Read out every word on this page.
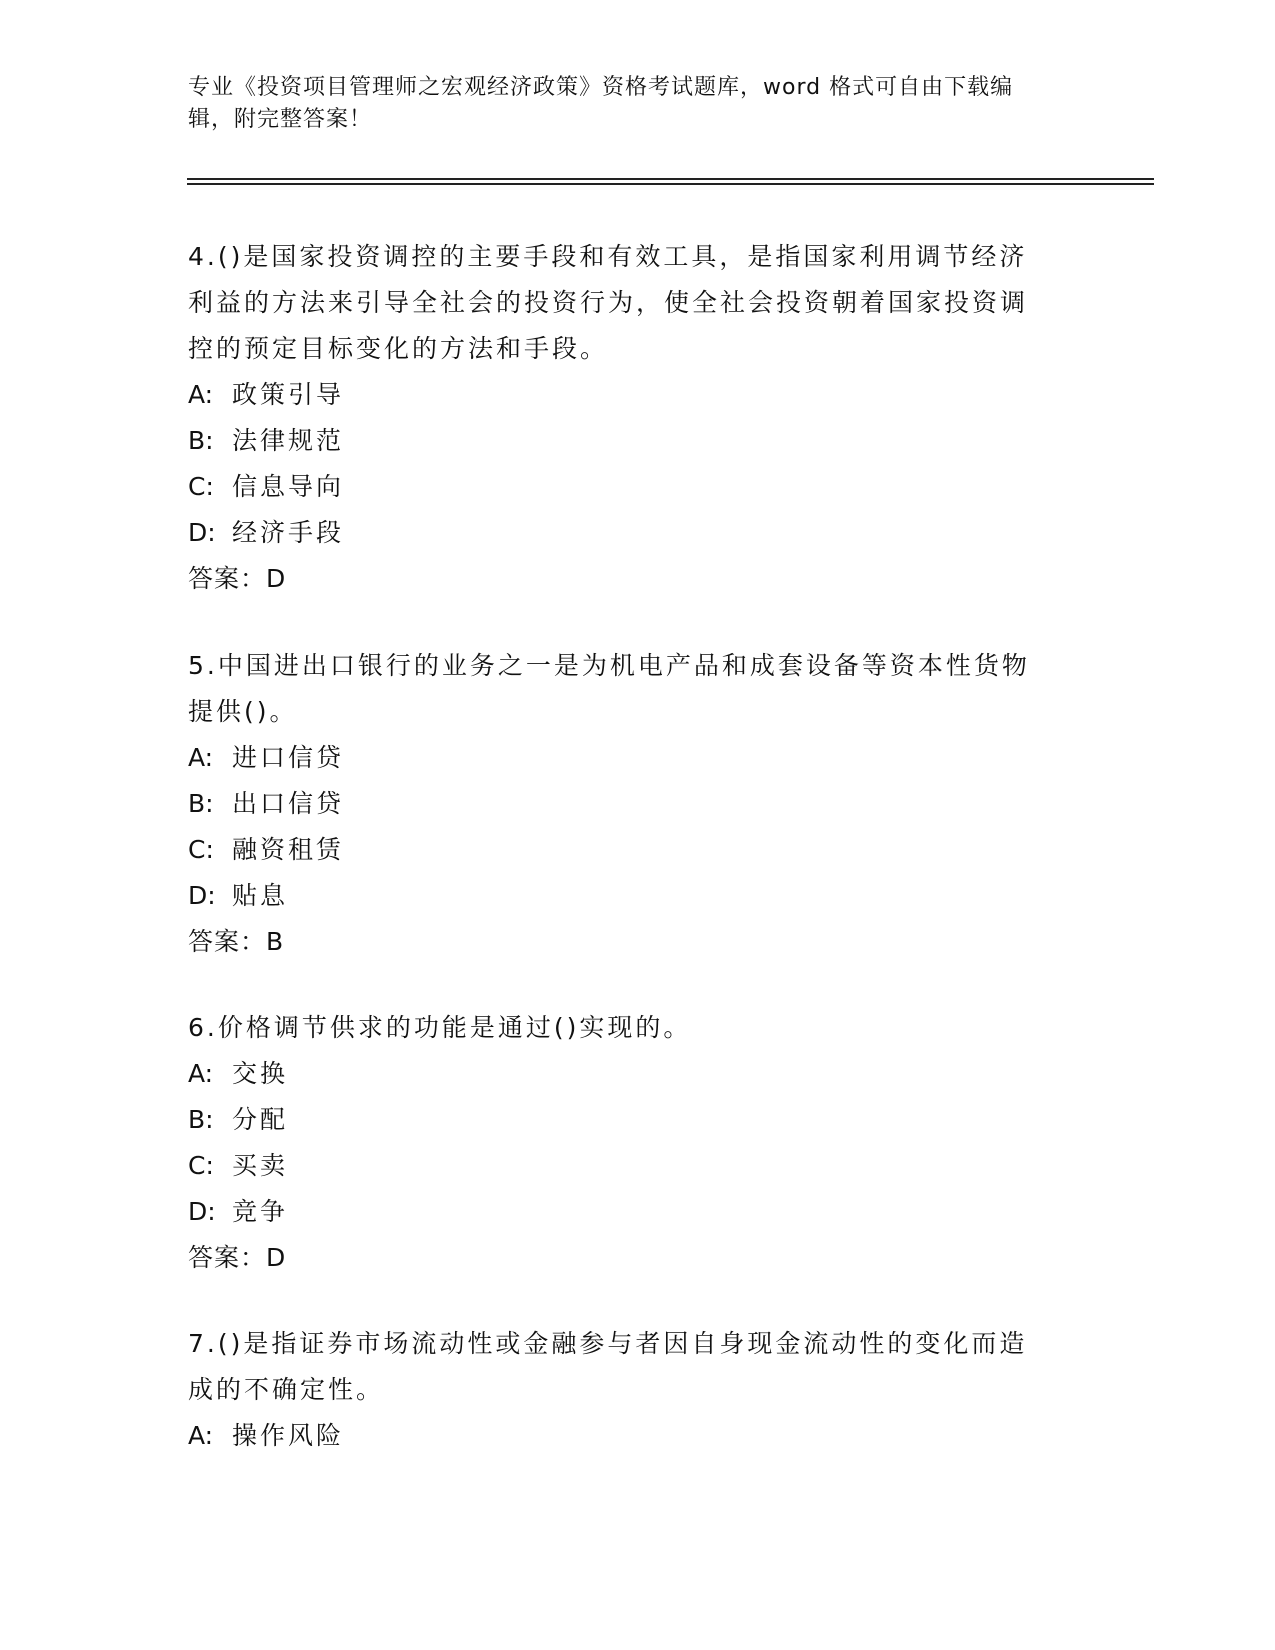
专业《投资项目管理师之宏观经济政策》资格考试题库，word 格式可自由下载编
辑，附完整答案！
4.()是国家投资调控的主要手段和有效工具，是指国家利用调节经济
利益的方法来引导全社会的投资行为，使全社会投资朝着国家投资调
控的预定目标变化的方法和手段。
A: 政策引导
B: 法律规范
C: 信息导向
D: 经济手段
答案：D
5.中国进出口银行的业务之一是为机电产品和成套设备等资本性货物
提供()。
A: 进口信贷
B: 出口信贷
C: 融资租赁
D: 贴息
答案：B
6.价格调节供求的功能是通过()实现的。
A: 交换
B: 分配
C: 买卖
D: 竞争
答案：D
7.()是指证券市场流动性或金融参与者因自身现金流动性的变化而造
成的不确定性。
A: 操作风险
